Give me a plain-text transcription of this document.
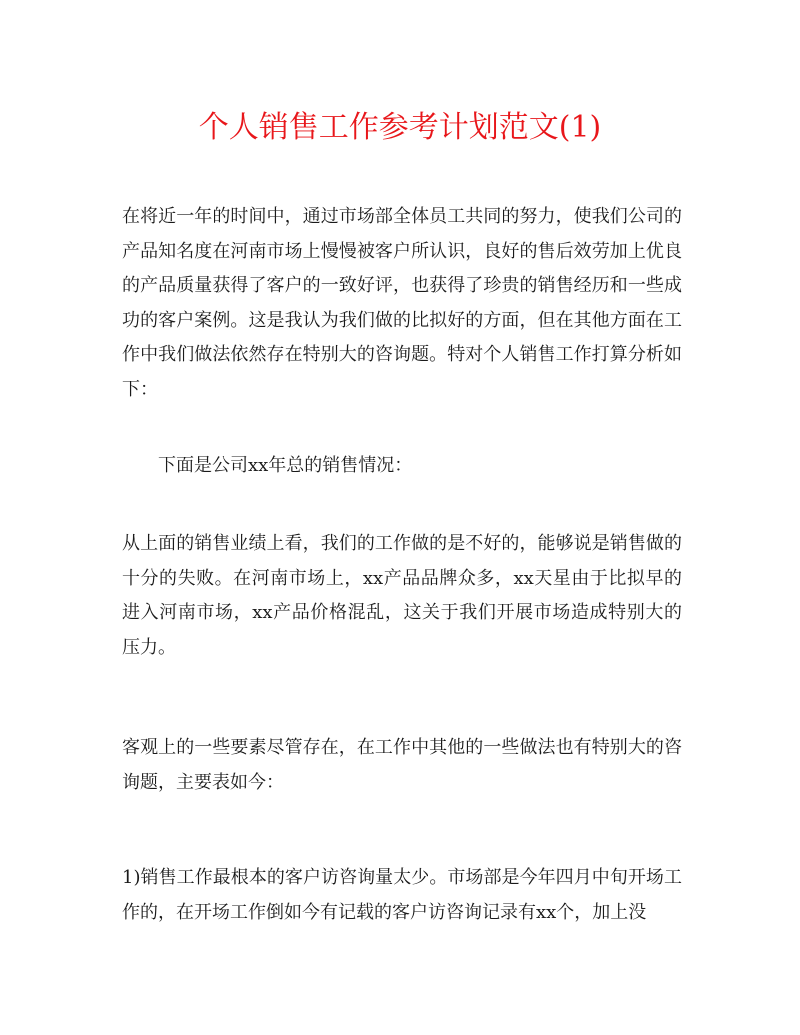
个人销售工作参考计划范文(1)

在将近一年的时间中，通过市场部全体员工共同的努力，使我们公司的产品知名度在河南市场上慢慢被客户所认识，良好的售后效劳加上优良的产品质量获得了客户的一致好评，也获得了珍贵的销售经历和一些成功的客户案例。这是我认为我们做的比拟好的方面，但在其他方面在工作中我们做法依然存在特别大的咨询题。特对个人销售工作打算分析如下：

下面是公司xx年总的销售情况：

从上面的销售业绩上看，我们的工作做的是不好的，能够说是销售做的十分的失败。在河南市场上，xx产品品牌众多，xx天星由于比拟早的进入河南市场，xx产品价格混乱，这关于我们开展市场造成特别大的压力。

客观上的一些要素尽管存在，在工作中其他的一些做法也有特别大的咨询题，主要表如今：

1)销售工作最根本的客户访咨询量太少。市场部是今年四月中旬开场工作的，在开场工作倒如今有记载的客户访咨询记录有xx个，加上没
